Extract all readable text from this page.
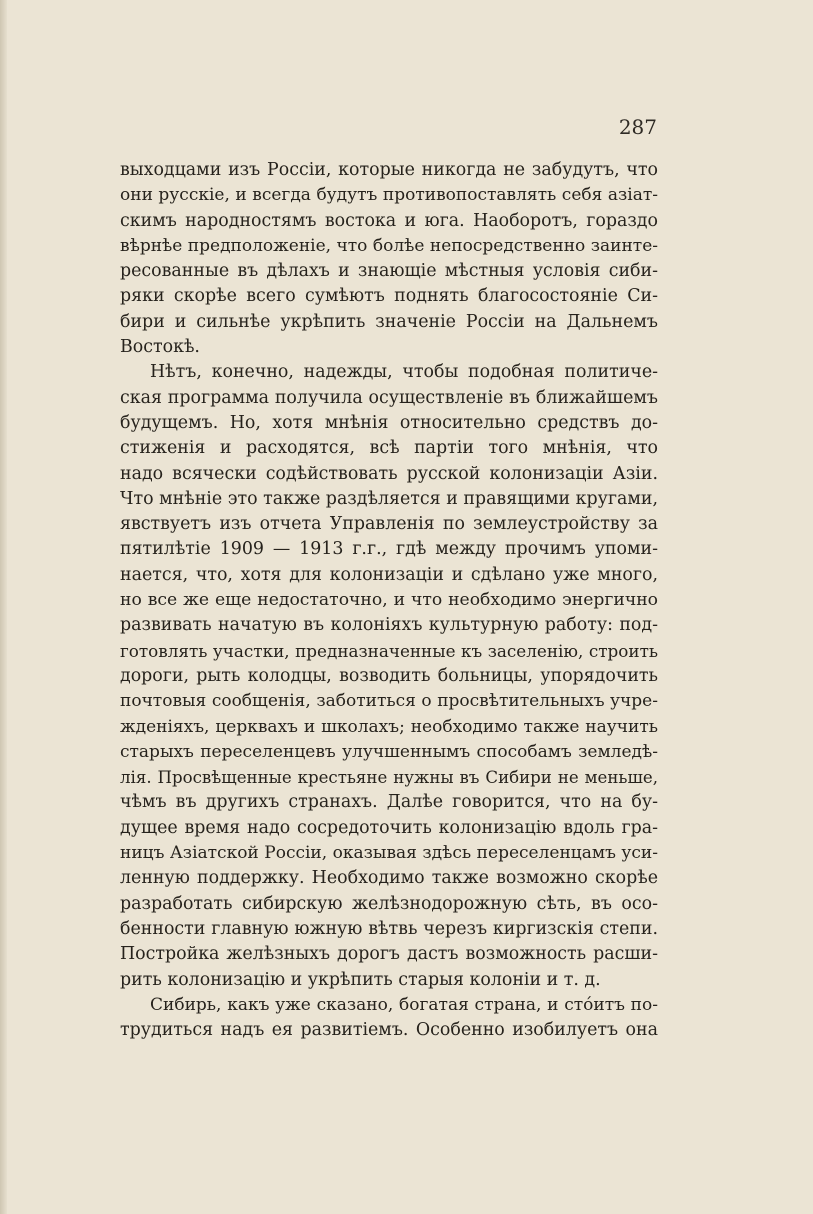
287
выходцами изъ Россiи, которые никогда не забудутъ, что
они русскiе, и всегда будутъ противопоставлять себя азiат-
скимъ народностямъ востока и юга. Наоборотъ, гораздо
вѣрнѣе предположенiе, что болѣе непосредственно заинте-
ресованные въ дѣлахъ и знающiе мѣстныя условiя сиби-
ряки скорѣе всего сумѣютъ поднять благосостоянiе Си-
бири и сильнѣе укрѣпить значенiе Россiи на Дальнемъ
Востокѣ.
Нѣтъ, конечно, надежды, чтобы подобная политиче-
ская программа получила осуществленiе въ ближайшемъ
будущемъ. Но, хотя мнѣнiя относительно средствъ до-
стиженiя и расходятся, всѣ партiи того мнѣнiя, что
надо всячески содѣйствовать русской колонизацiи Азiи.
Что мнѣнiе это также раздѣляется и правящими кругами,
явствуетъ изъ отчета Управленiя по землеустройству за
пятилѣтiе 1909 — 1913 г.г., гдѣ между прочимъ упоми-
нается, что, хотя для колонизацiи и сдѣлано уже много,
но все же еще недостаточно, и что необходимо энергично
развивать начатую въ колонiяхъ культурную работу: под-
готовлять участки, предназначенные къ заселенiю, строить
дороги, рыть колодцы, возводить больницы, упорядочить
почтовыя сообщенiя, заботиться о просвѣтительныхъ учре-
жденiяхъ, церквахъ и школахъ; необходимо также научить
старыхъ переселенцевъ улучшеннымъ способамъ земледѣ-
лiя. Просвѣщенные крестьяне нужны въ Сибири не меньше,
чѣмъ въ другихъ странахъ. Далѣе говорится, что на бу-
дущее время надо сосредоточить колонизацiю вдоль гра-
ницъ Азiатской Россiи, оказывая здѣсь переселенцамъ уси-
ленную поддержку. Необходимо также возможно скорѣе
разработать сибирскую желѣзнодорожную сѣть, въ осо-
бенности главную южную вѣтвь черезъ киргизскiя степи.
Постройка желѣзныхъ дорогъ дастъ возможность расши-
рить колонизацiю и укрѣпить старыя колонiи и т. д.
Сибирь, какъ уже сказано, богатая страна, и стóитъ по-
трудиться надъ ея развитiемъ. Особенно изобилуетъ она
